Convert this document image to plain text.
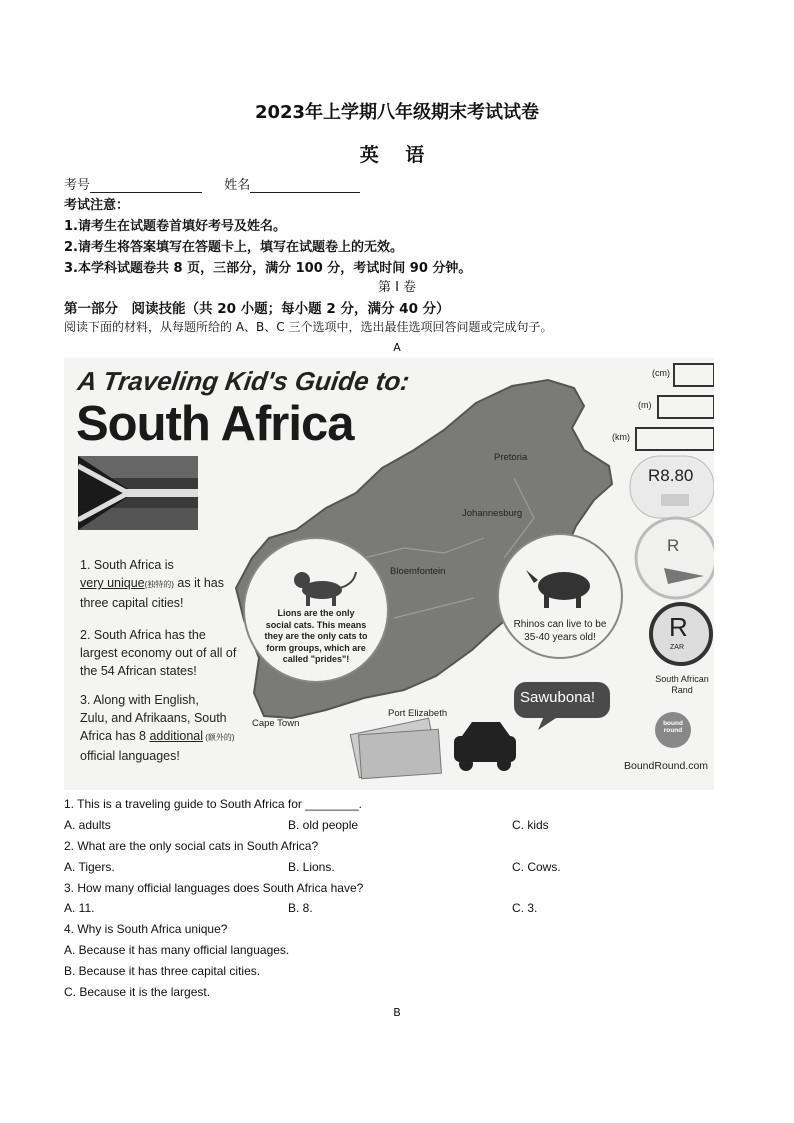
2023年上学期八年级期末考试试卷
英 语
考号	姓名
考试注意：
1.请考生在试题卷首填好考号及姓名。
2.请考生将答案填写在答题卡上，填写在试题卷上的无效。
3.本学科试题卷共 8 页，三部分，满分 100 分，考试时间 90 分钟。
第 I 卷
第一部分　阅读技能（共 20 小题；每小题 2 分，满分 40 分）
阅读下面的材料，从每题所给的 A、B、C 三个选项中，选出最佳选项回答问题或完成句子。
A
A Traveling Kid's Guide to:
South Africa
1. South Africa is
very unique(独特的) as it has
three capital cities!
2. South Africa has the
largest economy out of all of
the 54 African states!
3. Along with English,
Zulu, and Afrikaans, South
Africa has 8 additional (额外的)
official languages!
Lions are the only
social cats. This means
they are the only cats to
form groups, which are
called "prides"!
Rhinos can live to be
35-40 years old!
Pretoria
Johannesburg
Bloemfontein
Cape Town
Port Elizabeth
(cm)
(m)
(km)
R8.80
R
R
ZAR
South African
Rand
Sawubona!
bound
round
BoundRound.com
1. This is a traveling guide to South Africa for ________.
A. adults	B. old people	C. kids
2. What are the only social cats in South Africa?
A. Tigers.	B. Lions.	C. Cows.
3. How many official languages does South Africa have?
A. 11.	B. 8.	C. 3.
4. Why is South Africa unique?
A. Because it has many official languages.
B. Because it has three capital cities.
C. Because it is the largest.
B
